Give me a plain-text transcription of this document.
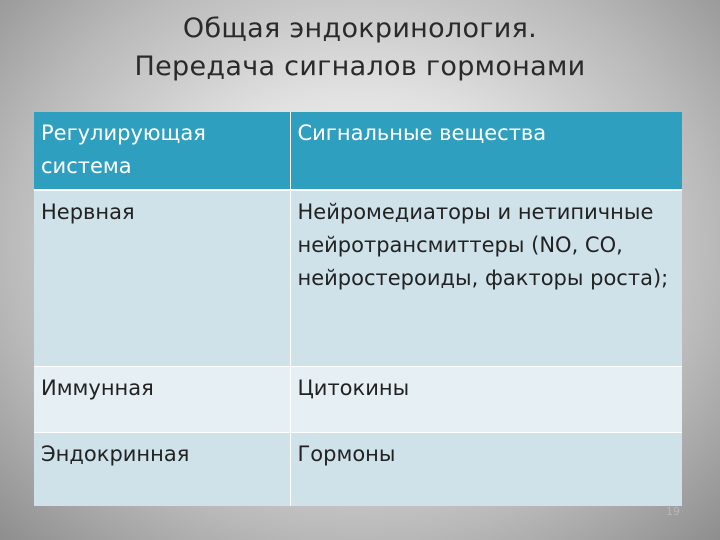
Общая эндокринология.
Передача сигналов гормонами
Регулирующая система	Сигнальные вещества
Нервная	Нейромедиаторы и нетипичные нейротрансмиттеры (NO, CO, нейростероиды, факторы роста);
Иммунная	Цитокины
Эндокринная	Гормоны
19
